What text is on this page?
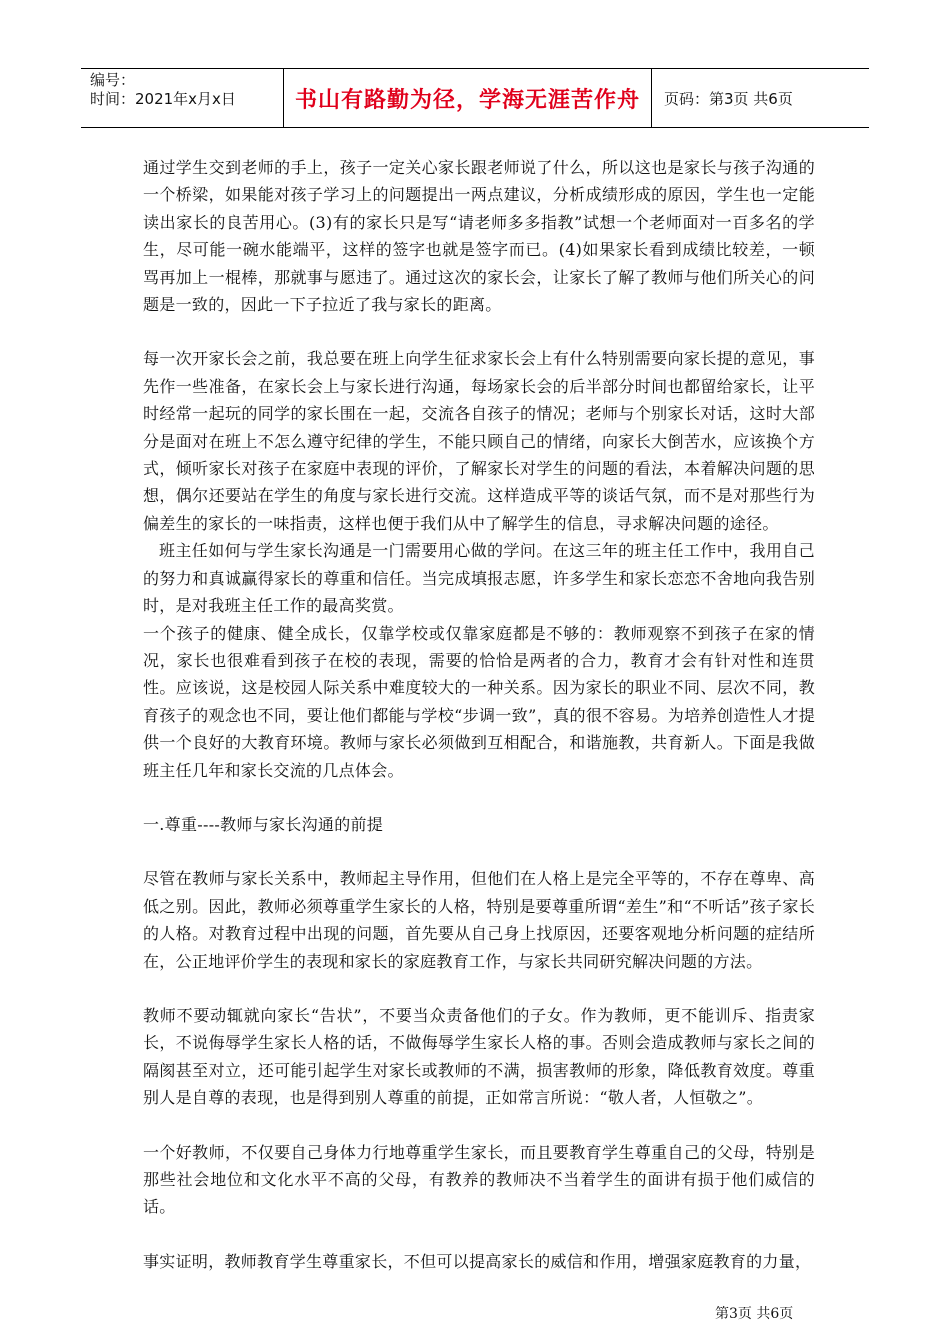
编号：
时间：2021年x月x日	书山有路勤为径，学海无涯苦作舟	页码：第3页 共6页

通过学生交到老师的手上，孩子一定关心家长跟老师说了什么，所以这也是家长与孩子沟通的一个桥梁，如果能对孩子学习上的问题提出一两点建议，分析成绩形成的原因，学生也一定能读出家长的良苦用心。(3)有的家长只是写“请老师多多指教”试想一个老师面对一百多名的学生，尽可能一碗水能端平，这样的签字也就是签字而已。(4)如果家长看到成绩比较差，一顿骂再加上一棍棒，那就事与愿违了。通过这次的家长会，让家长了解了教师与他们所关心的问题是一致的，因此一下子拉近了我与家长的距离。

每一次开家长会之前，我总要在班上向学生征求家长会上有什么特别需要向家长提的意见，事先作一些准备，在家长会上与家长进行沟通，每场家长会的后半部分时间也都留给家长，让平时经常一起玩的同学的家长围在一起，交流各自孩子的情况；老师与个别家长对话，这时大部分是面对在班上不怎么遵守纪律的学生，不能只顾自己的情绪，向家长大倒苦水，应该换个方式，倾听家长对孩子在家庭中表现的评价，了解家长对学生的问题的看法，本着解决问题的思想，偶尔还要站在学生的角度与家长进行交流。这样造成平等的谈话气氛，而不是对那些行为偏差生的家长的一味指责，这样也便于我们从中了解学生的信息，寻求解决问题的途径。

班主任如何与学生家长沟通是一门需要用心做的学问。在这三年的班主任工作中，我用自己的努力和真诚赢得家长的尊重和信任。当完成填报志愿，许多学生和家长恋恋不舍地向我告别时，是对我班主任工作的最高奖赏。

一个孩子的健康、健全成长，仅靠学校或仅靠家庭都是不够的：教师观察不到孩子在家的情况，家长也很难看到孩子在校的表现，需要的恰恰是两者的合力，教育才会有针对性和连贯性。应该说，这是校园人际关系中难度较大的一种关系。因为家长的职业不同、层次不同，教育孩子的观念也不同，要让他们都能与学校“步调一致”，真的很不容易。为培养创造性人才提供一个良好的大教育环境。教师与家长必须做到互相配合，和谐施教，共育新人。下面是我做班主任几年和家长交流的几点体会。

一.尊重----教师与家长沟通的前提

尽管在教师与家长关系中，教师起主导作用，但他们在人格上是完全平等的，不存在尊卑、高低之别。因此，教师必须尊重学生家长的人格，特别是要尊重所谓“差生”和“不听话”孩子家长的人格。对教育过程中出现的问题，首先要从自己身上找原因，还要客观地分析问题的症结所在，公正地评价学生的表现和家长的家庭教育工作，与家长共同研究解决问题的方法。

教师不要动辄就向家长“告状”，不要当众责备他们的子女。作为教师，更不能训斥、指责家长，不说侮辱学生家长人格的话，不做侮辱学生家长人格的事。否则会造成教师与家长之间的隔阂甚至对立，还可能引起学生对家长或教师的不满，损害教师的形象，降低教育效度。尊重别人是自尊的表现，也是得到别人尊重的前提，正如常言所说：“敬人者，人恒敬之”。

一个好教师，不仅要自己身体力行地尊重学生家长，而且要教育学生尊重自己的父母，特别是那些社会地位和文化水平不高的父母，有教养的教师决不当着学生的面讲有损于他们威信的话。

事实证明，教师教育学生尊重家长，不但可以提高家长的威信和作用，增强家庭教育的力量，

第3页 共6页
